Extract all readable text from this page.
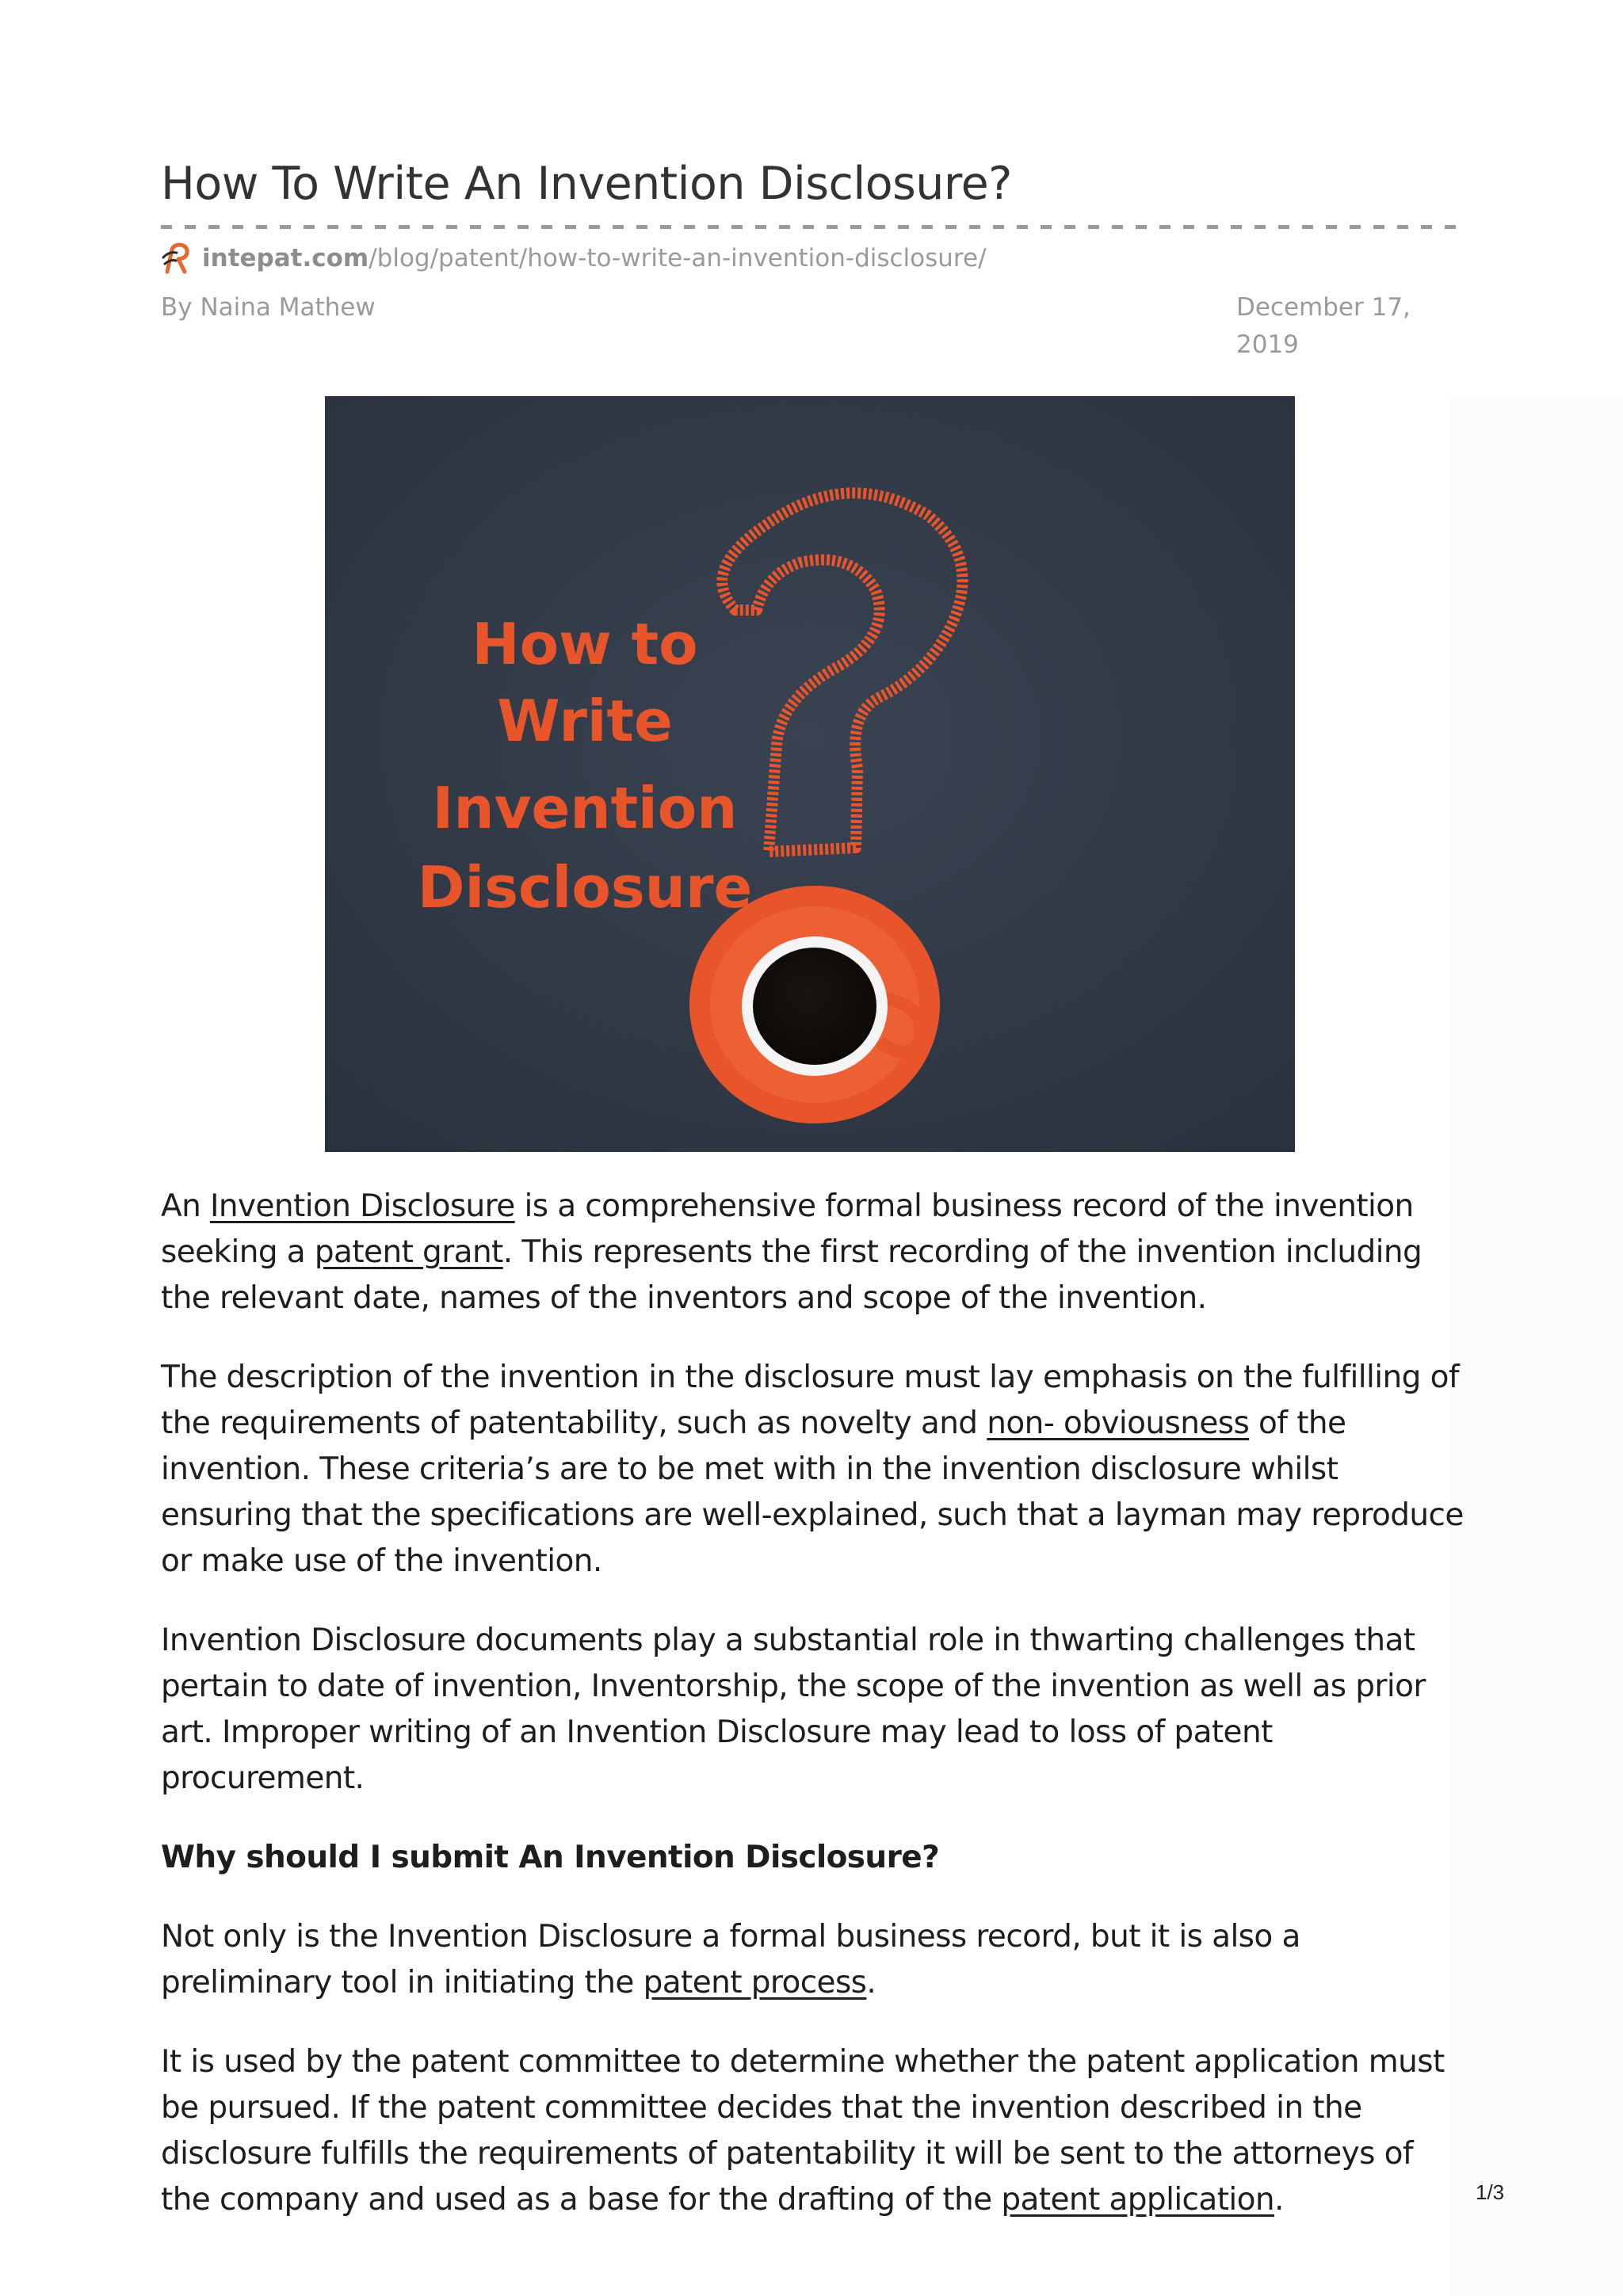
How To Write An Invention Disclosure?
intepat.com /blog/patent/how-to-write-an-invention-disclosure/
By Naina Mathew	December 17,
2019
How to
Write
Invention
Disclosure

An Invention Disclosure is a comprehensive formal business record of the invention seeking a patent grant. This represents the first recording of the invention including the relevant date, names of the inventors and scope of the invention.

The description of the invention in the disclosure must lay emphasis on the fulfilling of the requirements of patentability, such as novelty and non- obviousness of the invention. These criteria’s are to be met with in the invention disclosure whilst ensuring that the specifications are well-explained, such that a layman may reproduce or make use of the invention.

Invention Disclosure documents play a substantial role in thwarting challenges that pertain to date of invention, Inventorship, the scope of the invention as well as prior art. Improper writing of an Invention Disclosure may lead to loss of patent procurement.

Why should I submit An Invention Disclosure?

Not only is the Invention Disclosure a formal business record, but it is also a preliminary tool in initiating the patent process.

It is used by the patent committee to determine whether the patent application must be pursued. If the patent committee decides that the invention described in the disclosure fulfills the requirements of patentability it will be sent to the attorneys of the company and used as a base for the drafting of the patent application.	1/3
